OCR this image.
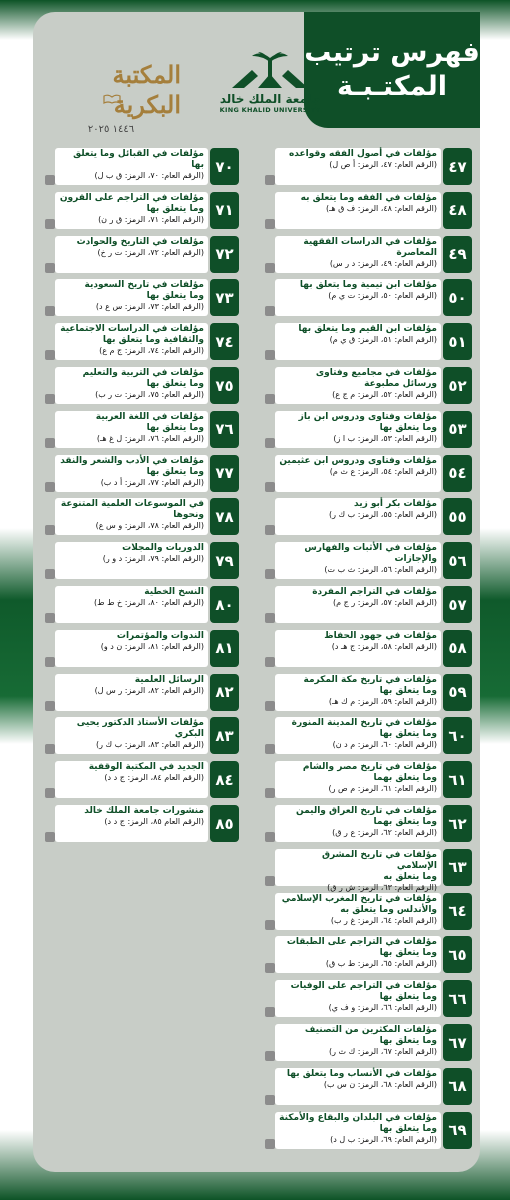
فهرس ترتيب
المكتـبـة
جامعة الملك خالد
KING KHALID UNIVERSITY
المكتبة البكرية
١٤٤٦ ٢٠٢٥
٤٧
مؤلفات في أصول الفقه وقواعده
(الرقم العام: ٤٧، الرمز: أ ص ل)
٤٨
مؤلفات في الفقه وما يتعلق به
(الرقم العام: ٤٨، الرمز: ف ق هـ)
٤٩
مؤلفات في الدراسات الفقهية
المعاصرة
(الرقم العام: ٤٩، الرمز: د ر س)
٥٠
مؤلفات ابن تيمية وما يتعلق بها
(الرقم العام: ٥٠، الرمز: ت ي م)
٥١
مؤلفات ابن القيم وما يتعلق بها
(الرقم العام: ٥١، الرمز: ق ي م)
٥٢
مؤلفات في مجاميع وفتاوى
ورسائل مطبوعة
(الرقم العام: ٥٢، الرمز: م ج ع)
٥٣
مؤلفات وفتاوى ودروس ابن باز
وما يتعلق بها
(الرقم العام: ٥٣، الرمز: ب ا ز)
٥٤
مؤلفات وفتاوى ودروس ابن عثيمين
(الرقم العام: ٥٤، الرمز: ع ث م)
٥٥
مؤلفات بكر أبو زيد
(الرقم العام: ٥٥، الرمز: ب ك ر)
٥٦
مؤلفات في الأثبات والفهارس
والإجازات
(الرقم العام: ٥٦، الرمز: ث ب ت)
٥٧
مؤلفات في التراجم المفردة
(الرقم العام: ٥٧، الرمز: ر ج م)
٥٨
مؤلفات في جهود الحفاظ
(الرقم العام: ٥٨، الرمز: ج هـ د)
٥٩
مؤلفات في تاريخ مكة المكرمة
وما يتعلق بها
(الرقم العام: ٥٩، الرمز: م ك هـ)
٦٠
مؤلفات في تاريخ المدينة المنورة
وما يتعلق بها
(الرقم العام: ٦٠، الرمز: م د ن)
٦١
مؤلفات في تاريخ مصر والشام
وما يتعلق بهما
(الرقم العام: ٦١، الرمز: م ص ر)
٦٢
مؤلفات في تاريخ العراق واليمن
وما يتعلق بهما
(الرقم العام: ٦٢، الرمز: ع ر ق)
٦٣
مؤلفات في تاريخ المشرق الإسلامي
وما يتعلق به
(الرقم العام: ٦٣، الرمز: ش ر ق)
٦٤
مؤلفات في تاريخ المغرب الإسلامي
والأندلس وما يتعلق به
(الرقم العام: ٦٤، الرمز: غ ر ب)
٦٥
مؤلفات في التراجم على الطبقات
وما يتعلق بها
(الرقم العام: ٦٥، الرمز: ط ب ق)
٦٦
مؤلفات في التراجم على الوفيات
وما يتعلق بها
(الرقم العام: ٦٦، الرمز: و ف ي)
٦٧
مؤلفات المكثرين من التصنيف
وما يتعلق بها
(الرقم العام: ٦٧، الرمز: ك ث ر)
٦٨
مؤلفات في الأنساب وما يتعلق بها
(الرقم العام: ٦٨، الرمز: ن س ب)
٦٩
مؤلفات في البلدان والبقاع والأمكنة
وما يتعلق بها
(الرقم العام: ٦٩، الرمز: ب ل د)
٧٠
مؤلفات في القبائل وما يتعلق بها
(الرقم العام: ٧٠، الرمز: ق ب ل)
٧١
مؤلفات في التراجم على القرون
وما يتعلق بها
(الرقم العام: ٧١، الرمز: ق ر ن)
٧٢
مؤلفات في التاريخ والحوادث
(الرقم العام: ٧٢، الرمز: ت ر خ)
٧٣
مؤلفات في تاريخ السعودية
وما يتعلق بها
(الرقم العام: ٧٣، الرمز: س ع د)
٧٤
مؤلفات في الدراسات الاجتماعية
والثقافية وما يتعلق بها
(الرقم العام: ٧٤، الرمز: ج م ع)
٧٥
مؤلفات في التربية والتعليم
وما يتعلق بها
(الرقم العام: ٧٥، الرمز: ت ر ب)
٧٦
مؤلفات في اللغة العربية
وما يتعلق بها
(الرقم العام: ٧٦، الرمز: ل غ هـ)
٧٧
مؤلفات في الأدب والشعر والنقد
وما يتعلق بها
(الرقم العام: ٧٧، الرمز: أ د ب)
٧٨
في الموسوعات العلمية المتنوعة
ونحوها
(الرقم العام: ٧٨، الرمز: و س ع)
٧٩
الدوريات والمجلات
(الرقم العام: ٧٩، الرمز: د و ر)
٨٠
النسخ الخطية
(الرقم العام: ٨٠، الرمز: خ ط ط)
٨١
الندوات والمؤتمرات
(الرقم العام: ٨١، الرمز: ن د و)
٨٢
الرسائل العلمية
(الرقم العام: ٨٢، الرمز: ر س ل)
٨٣
مؤلفات الأستاذ الدكتور يحيى البكري
(الرقم العام: ٨٣، الرمز: ب ك ر)
٨٤
الجديد في المكتبة الوقفية
(الرقم العام ٨٤، الرمز: ج د د)
٨٥
منشورات جامعة الملك خالد
(الرقم العام ٨٥، الرمز: ج د د)
